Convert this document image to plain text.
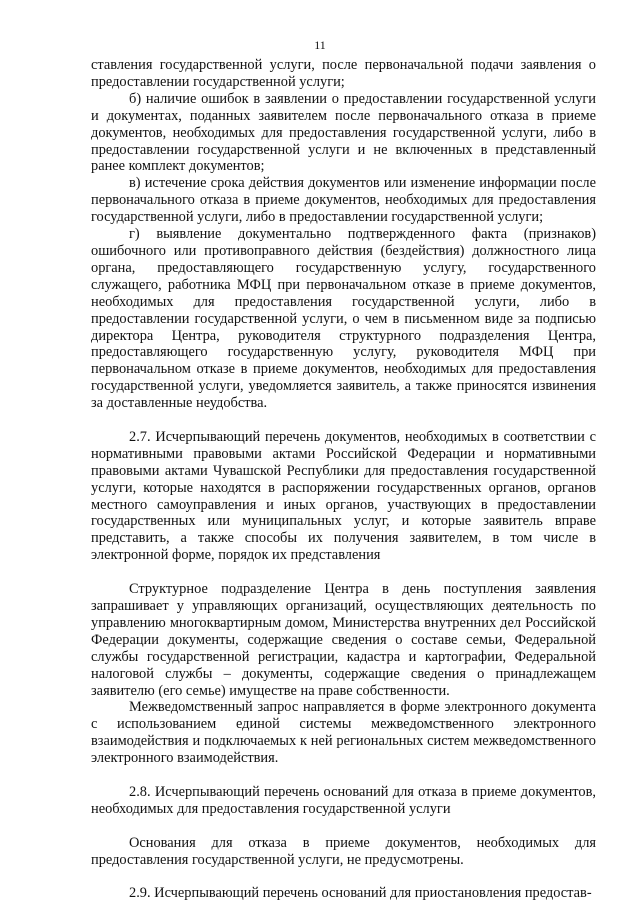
11

ставления государственной услуги, после первоначальной подачи заявления о предоставлении государственной услуги;

б) наличие ошибок в заявлении о предоставлении государственной услуги и документах, поданных заявителем после первоначального отказа в приеме документов, необходимых для предоставления государственной услуги, либо в предоставлении государственной услуги и не включенных в представленный ранее комплект документов;

в) истечение срока действия документов или изменение информации после первоначального отказа в приеме документов, необходимых для предоставления государственной услуги, либо в предоставлении государственной услуги;

г) выявление документально подтвержденного факта (признаков) ошибочного или противоправного действия (бездействия) должностного лица органа, предоставляющего государственную услугу, государственного служащего, работника МФЦ при первоначальном отказе в приеме документов, необходимых для предоставления государственной услуги, либо в предоставлении государственной услуги, о чем в письменном виде за подписью директора Центра, руководителя структурного подразделения Центра, предоставляющего государственную услугу, руководителя МФЦ при первоначальном отказе в приеме документов, необходимых для предоставления государственной услуги, уведомляется заявитель, а также приносятся извинения за доставленные неудобства.

2.7. Исчерпывающий перечень документов, необходимых в соответствии с нормативными правовыми актами Российской Федерации и нормативными правовыми актами Чувашской Республики для предоставления государственной услуги, которые находятся в распоряжении государственных органов, органов местного самоуправления и иных органов, участвующих в предоставлении государственных или муниципальных услуг, и которые заявитель вправе представить, а также способы их получения заявителем, в том числе в электронной форме, порядок их представления

Структурное подразделение Центра в день поступления заявления запрашивает у управляющих организаций, осуществляющих деятельность по управлению многоквартирным домом, Министерства внутренних дел Российской Федерации документы, содержащие сведения о составе семьи, Федеральной службы государственной регистрации, кадастра и картографии, Федеральной налоговой службы – документы, содержащие сведения о принадлежащем заявителю (его семье) имуществе на праве собственности.

Межведомственный запрос направляется в форме электронного документа с использованием единой системы межведомственного электронного взаимодействия и подключаемых к ней региональных систем межведомственного электронного взаимодействия.

2.8. Исчерпывающий перечень оснований для отказа в приеме документов, необходимых для предоставления государственной услуги

Основания для отказа в приеме документов, необходимых для предоставления государственной услуги, не предусмотрены.

2.9. Исчерпывающий перечень оснований для приостановления предостав-
